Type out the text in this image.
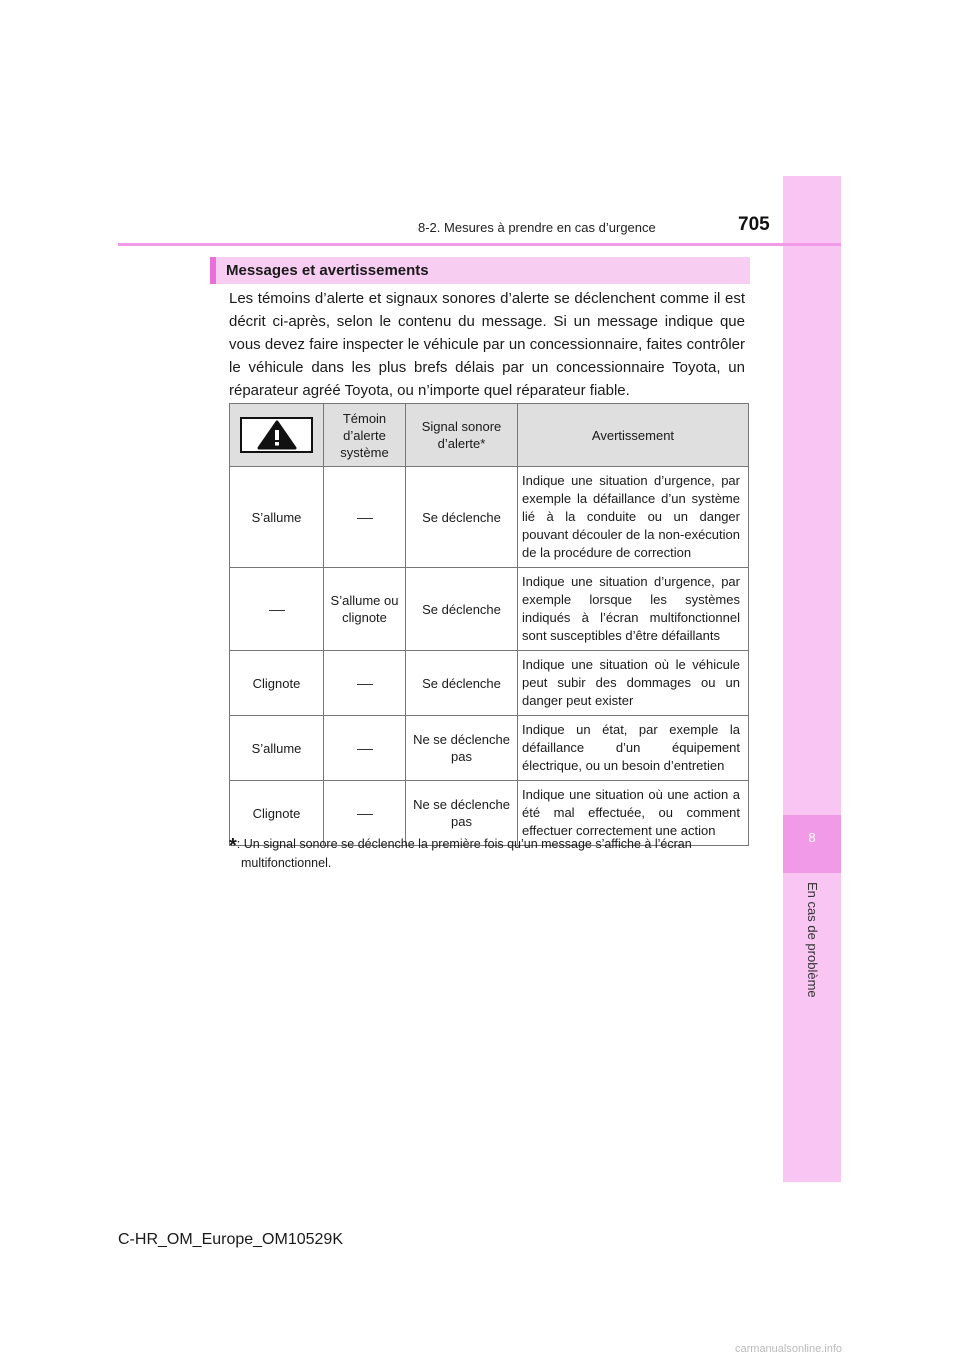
8
En cas de problème
8-2. Mesures à prendre en cas d’urgence	705
Messages et avertissements
Les témoins d’alerte et signaux sonores d’alerte se déclenchent comme il est décrit ci-après, selon le contenu du message. Si un message indique que vous devez faire inspecter le véhicule par un concessionnaire, faites contrôler le véhicule dans les plus brefs délais par un concessionnaire Toyota, un réparateur agréé Toyota, ou n’importe quel réparateur fiable.
	Témoin d’alerte système	Signal sonore d’alerte*	Avertissement
S’allume		Se déclenche	Indique une situation d’urgence, par exemple la défaillance d’un système lié à la conduite ou un danger pouvant découler de la non-exécution de la procédure de correction
	S’allume ou clignote	Se déclenche	Indique une situation d’urgence, par exemple lorsque les systèmes indiqués à l’écran multifonctionnel sont susceptibles d’être défaillants
Clignote		Se déclenche	Indique une situation où le véhicule peut subir des dommages ou un danger peut exister
S’allume		Ne se déclenche pas	Indique un état, par exemple la défaillance d’un équipement électrique, ou un besoin d’entretien
Clignote		Ne se déclenche pas	Indique une situation où une action a été mal effectuée, ou comment effectuer correctement une action
*: Un signal sonore se déclenche la première fois qu’un message s’affiche à l’écran
multifonctionnel.
C-HR_OM_Europe_OM10529K
carmanualsonline.info
